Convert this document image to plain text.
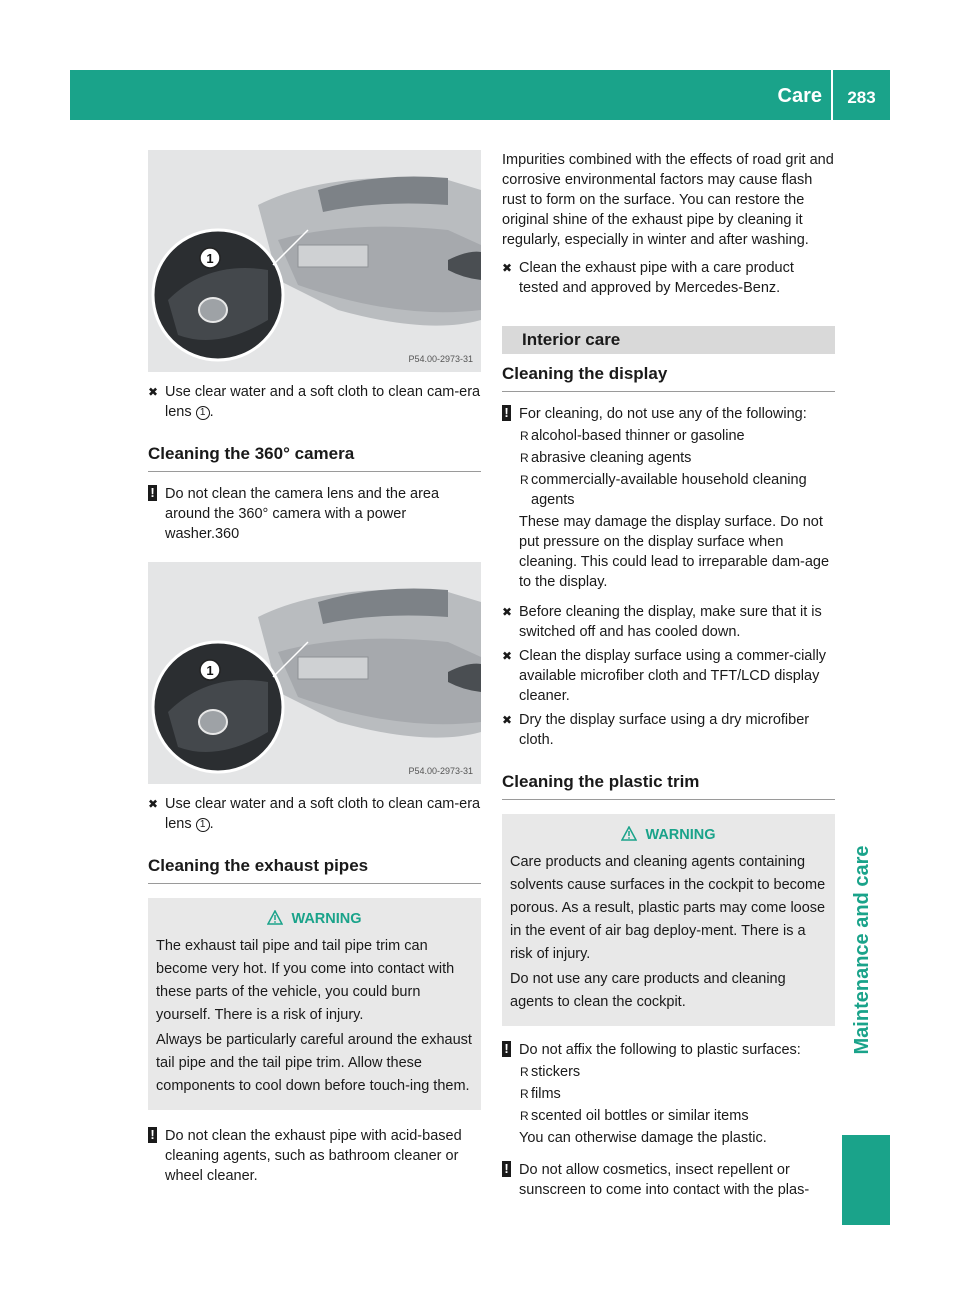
Care	283
Maintenance and care
1
P54.00-2973-31
✖ Use clear water and a soft cloth to clean cam-era lens 1 .
Cleaning the 360° camera
! Do not clean the camera lens and the area around the 360° camera with a power washer.360
1
P54.00-2973-31
✖ Use clear water and a soft cloth to clean cam-era lens 1 .
Cleaning the exhaust pipes
WARNING

The exhaust tail pipe and tail pipe trim can become very hot. If you come into contact with these parts of the vehicle, you could burn yourself. There is a risk of injury.

Always be particularly careful around the exhaust tail pipe and the tail pipe trim. Allow these components to cool down before touch-ing them.

! Do not clean the exhaust pipe with acid-based cleaning agents, such as bathroom cleaner or wheel cleaner.

Impurities combined with the effects of road grit and corrosive environmental factors may cause flash rust to form on the surface. You can restore the original shine of the exhaust pipe by cleaning it regularly, especially in winter and after washing.

✖ Clean the exhaust pipe with a care product tested and approved by Mercedes-Benz.
Interior care
Cleaning the display
! For cleaning, do not use any of the following:
R alcohol-based thinner or gasoline
R abrasive cleaning agents
R commercially-available household cleaning agents
These may damage the display surface. Do not put pressure on the display surface when cleaning. This could lead to irreparable dam-age to the display.
✖ Before cleaning the display, make sure that it is switched off and has cooled down.
✖ Clean the display surface using a commer-cially available microfiber cloth and TFT/LCD display cleaner.
✖ Dry the display surface using a dry microfiber cloth.
Cleaning the plastic trim
WARNING

Care products and cleaning agents containing solvents cause surfaces in the cockpit to become porous. As a result, plastic parts may come loose in the event of air bag deploy-ment. There is a risk of injury.

Do not use any care products and cleaning agents to clean the cockpit.

! Do not affix the following to plastic surfaces:
R stickers
R films
R scented oil bottles or similar items
You can otherwise damage the plastic.
! Do not allow cosmetics, insect repellent or sunscreen to come into contact with the plas-
